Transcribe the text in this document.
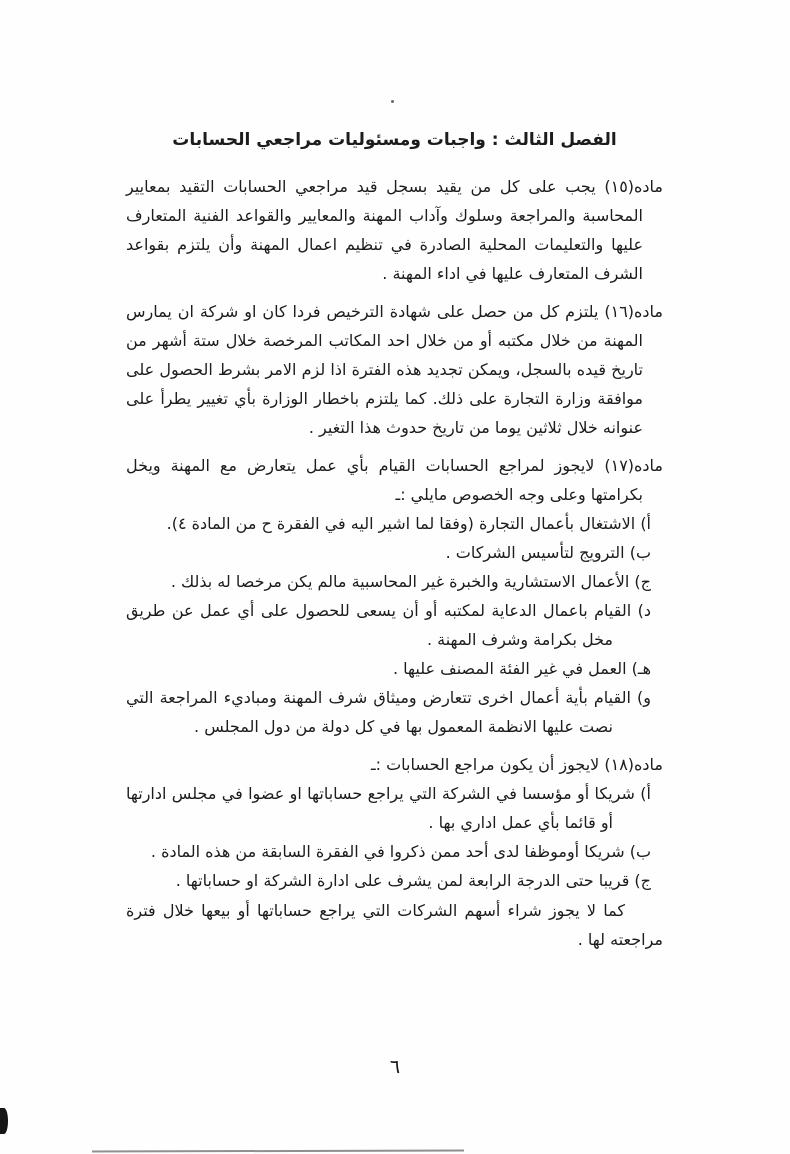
الفصل الثالث : واجبات ومسئوليات مراجعي الحسابات

ماده(١٥) يجب على كل من يقيد بسجل قيد مراجعي الحسابات التقيد بمعايير المحاسبة والمراجعة وسلوك وآداب المهنة والمعايير والقواعد الفنية المتعارف عليها والتعليمات المحلية الصادرة في تنظيم اعمال المهنة وأن يلتزم بقواعد الشرف المتعارف عليها في اداء المهنة .

ماده(١٦) يلتزم كل من حصل على شهادة الترخيص فردا كان او شركة ان يمارس المهنة من خلال مكتبه أو من خلال احد المكاتب المرخصة خلال ستة أشهر من تاريخ قيده بالسجل، ويمكن تجديد هذه الفترة اذا لزم الامر بشرط الحصول على موافقة وزارة التجارة على ذلك. كما يلتزم باخطار الوزارة بأي تغيير يطرأ على عنوانه خلال ثلاثين يوما من تاريخ حدوث هذا التغير .

ماده(١٧) لايجوز لمراجع الحسابات القيام بأي عمل يتعارض مع المهنة ويخل بكرامتها وعلى وجه الخصوص مايلي :ـ

أ) الاشتغال بأعمال التجارة (وفقا لما اشير اليه في الفقرة ح من المادة ٤).

ب) الترويج لتأسيس الشركات .

ج) الأعمال الاستشارية والخبرة غير المحاسبية مالم يكن مرخصا له بذلك .

د) القيام باعمال الدعاية لمكتبه أو أن يسعى للحصول على أي عمل عن طريق مخل بكرامة وشرف المهنة .

هـ) العمل في غير الفئة المصنف عليها .

و) القيام بأية أعمال اخرى تتعارض وميثاق شرف المهنة ومباديء المراجعة التي نصت عليها الانظمة المعمول بها في كل دولة من دول المجلس .

ماده(١٨) لايجوز أن يكون مراجع الحسابات :ـ

أ) شريكا أو مؤسسا في الشركة التي يراجع حساباتها او عضوا في مجلس ادارتها أو قائما بأي عمل اداري بها .

ب) شريكا أوموظفا لدى أحد ممن ذكروا في الفقرة السابقة من هذه المادة .

ج) قريبا حتى الدرجة الرابعة لمن يشرف على ادارة الشركة او حساباتها .

كما لا يجوز شراء أسهم الشركات التي يراجع حساباتها أو بيعها خلال فترة مراجعته لها .

٦
